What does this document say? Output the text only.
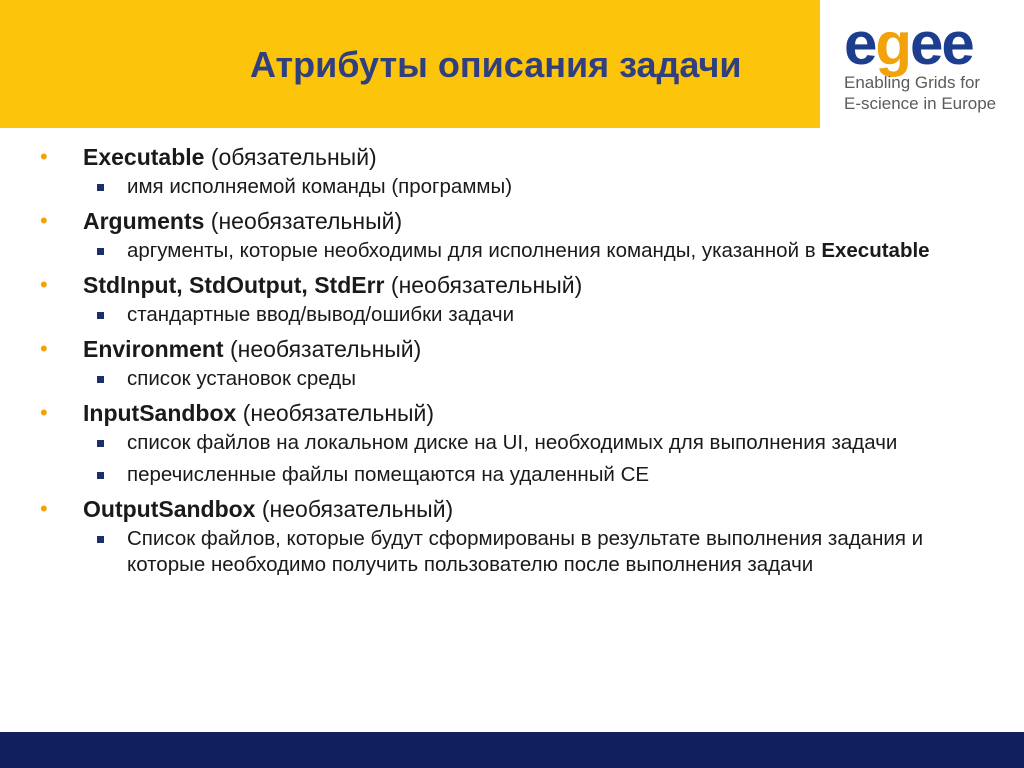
Атрибуты описания задачи egee
Enabling Grids for
E-science in Europe
• Executable (обязательный)
имя исполняемой команды (программы)
• Arguments (необязательный)
аргументы, которые необходимы для исполнения команды, указанной в Executable
• StdInput, StdOutput, StdErr (необязательный)
стандартные ввод/вывод/ошибки задачи
• Environment (необязательный)
список установок среды
• InputSandbox (необязательный)
список файлов на локальном диске на UI, необходимых для выполнения задачи
перечисленные файлы помещаются на удаленный CE
• OutputSandbox (необязательный)
Список файлов, которые будут сформированы в результате выполнения задания и которые необходимо получить пользователю после выполнения задачи
